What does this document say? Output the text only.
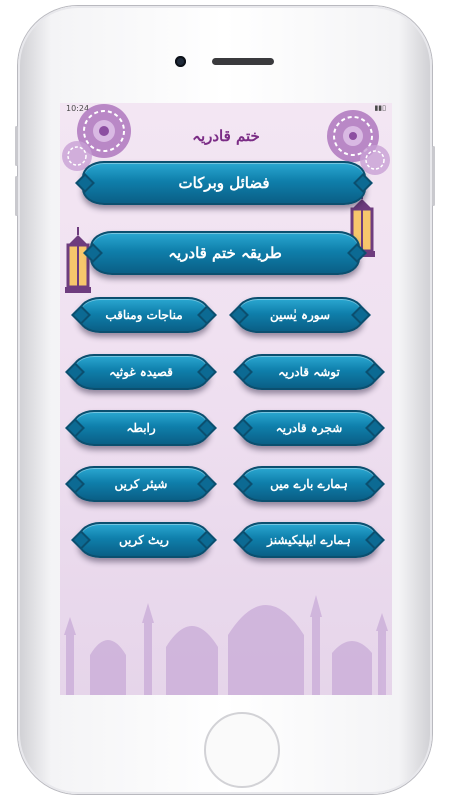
10:24	▮▮▯
ختم قادریہ
فضائل وبرکات
طریقہ ختم قادریہ
سورہ یٰسین
مناجات ومناقب
توشہ قادریہ
قصیدہ غوثیہ
شجرہ قادریہ
رابطہ
ہمارے بارے میں
شیئر کریں
ہمارے ایپلیکیشنز
ریٹ کریں
